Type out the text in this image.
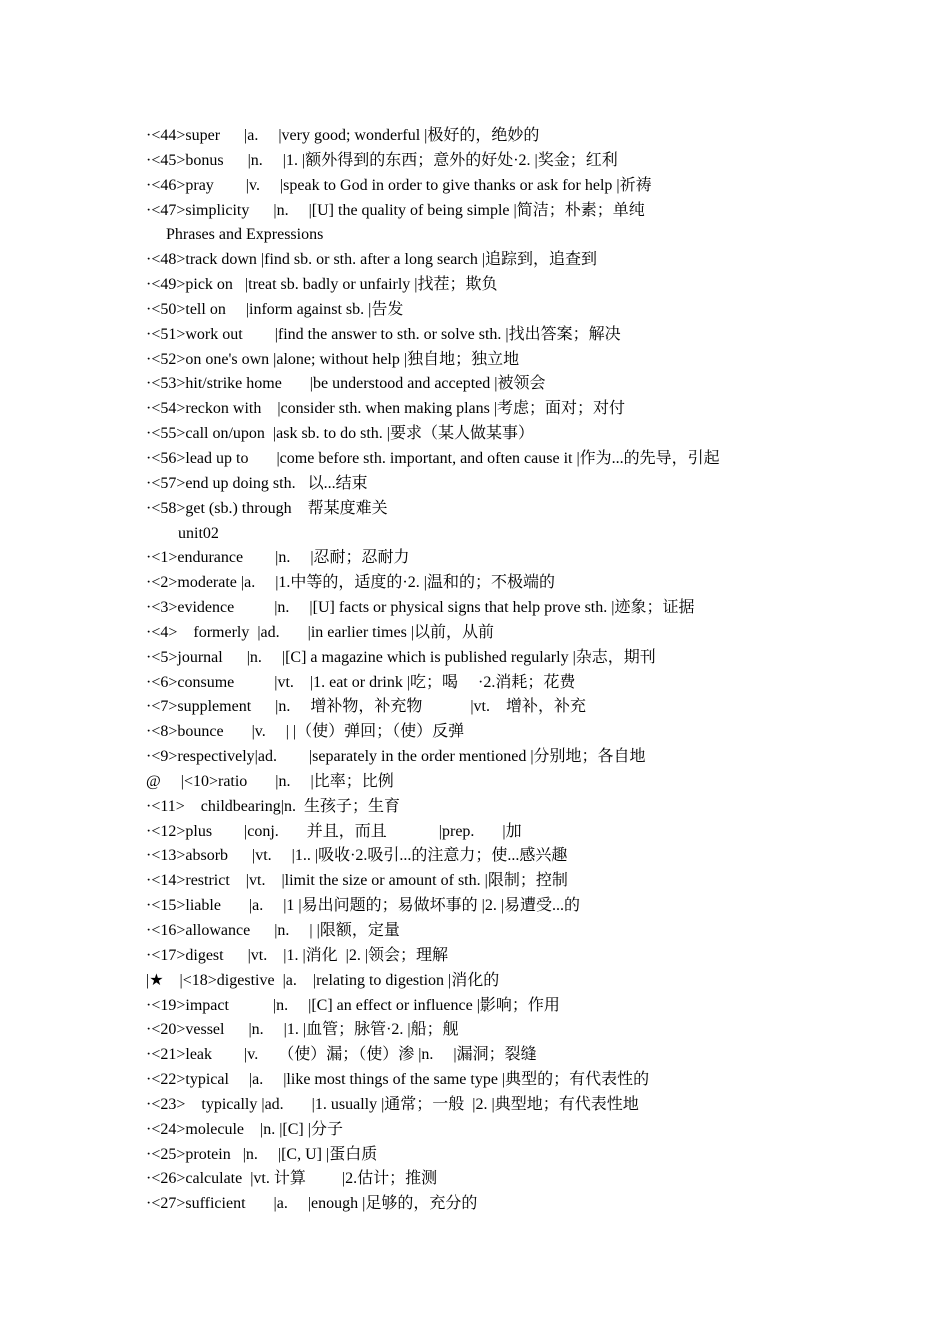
·<44>super      |a.     |very good; wonderful |极好的，绝妙的
·<45>bonus      |n.     |1. |额外得到的东西；意外的好处·2. |奖金；红利
·<46>pray        |v.     |speak to God in order to give thanks or ask for help |祈祷
·<47>simplicity      |n.     |[U] the quality of being simple |简洁；朴素；单纯
Phrases and Expressions
·<48>track down |find sb. or sth. after a long search |追踪到，追查到
·<49>pick on   |treat sb. badly or unfairly |找茬；欺负
·<50>tell on     |inform against sb. |告发
·<51>work out        |find the answer to sth. or solve sth. |找出答案；解决
·<52>on one's own |alone; without help |独自地；独立地
·<53>hit/strike home       |be understood and accepted |被领会
·<54>reckon with    |consider sth. when making plans |考虑；面对；对付
·<55>call on/upon  |ask sb. to do sth. |要求（某人做某事）
·<56>lead up to       |come before sth. important, and often cause it |作为...的先导，引起
·<57>end up doing sth.   以...结束
·<58>get (sb.) through    帮某度难关
unit02
·<1>endurance        |n.     |忍耐；忍耐力
·<2>moderate |a.     |1.中等的，适度的·2. |温和的；不极端的
·<3>evidence          |n.     |[U] facts or physical signs that help prove sth. |迹象；证据
·<4>    formerly  |ad.       |in earlier times |以前，从前
·<5>journal      |n.     |[C] a magazine which is published regularly |杂志，期刊
·<6>consume          |vt.    |1. eat or drink |吃；喝     ·2.消耗；花费
·<7>supplement      |n.     增补物，补充物            |vt.    增补，补充
·<8>bounce       |v.     | |（使）弹回；（使）反弹
·<9>respectively|ad.        |separately in the order mentioned |分别地；各自地
@     |<10>ratio       |n.     |比率；比例
·<11>    childbearing|n.  生孩子；生育
·<12>plus        |conj.       并且，而且             |prep.       |加
·<13>absorb      |vt.     |1.. |吸收·2.吸引...的注意力；使...感兴趣
·<14>restrict    |vt.    |limit the size or amount of sth. |限制；控制
·<15>liable       |a.     |1 |易出问题的；易做坏事的 |2. |易遭受...的
·<16>allowance      |n.     | |限额，定量
·<17>digest      |vt.    |1. |消化  |2. |领会；理解
|★    |<18>digestive  |a.    |relating to digestion |消化的
·<19>impact           |n.     |[C] an effect or influence |影响；作用
·<20>vessel      |n.     |1. |血管；脉管·2. |船；舰
·<21>leak        |v.     （使）漏；（使）渗 |n.     |漏洞；裂缝
·<22>typical     |a.     |like most things of the same type |典型的；有代表性的
·<23>    typically |ad.       |1. usually |通常；一般  |2. |典型地；有代表性地
·<24>molecule    |n. |[C] |分子
·<25>protein   |n.     |[C, U] |蛋白质
·<26>calculate  |vt. 计算         |2.估计；推测
·<27>sufficient       |a.     |enough |足够的，充分的
